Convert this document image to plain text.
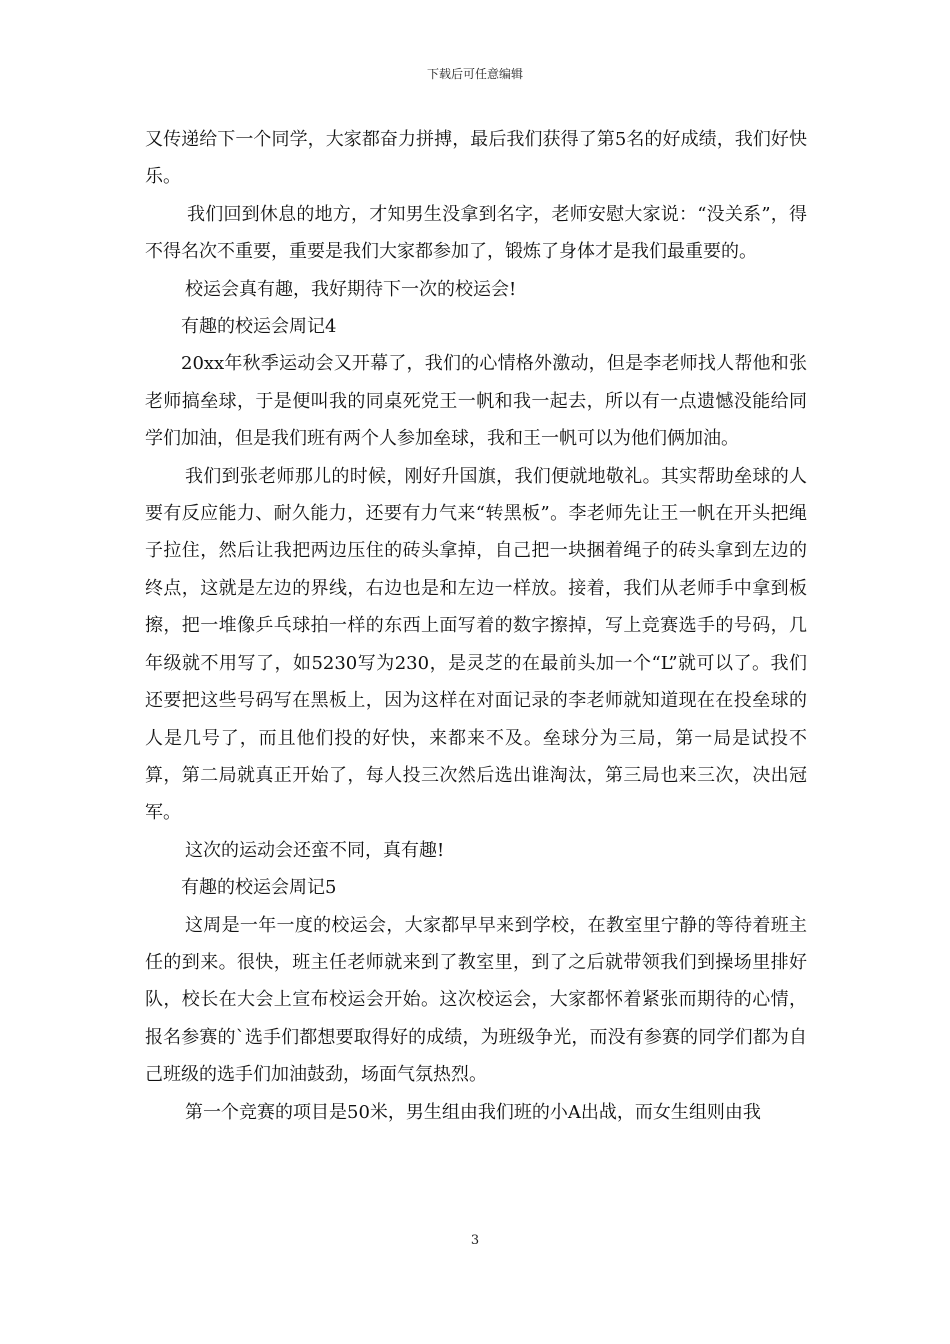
下载后可任意编辑

又传递给下一个同学，大家都奋力拼搏，最后我们获得了第5名的好成绩，我们好快乐。

我们回到休息的地方，才知男生没拿到名字，老师安慰大家说：“没关系”，得不得名次不重要，重要是我们大家都参加了，锻炼了身体才是我们最重要的。

校运会真有趣，我好期待下一次的校运会!

有趣的校运会周记4

20xx年秋季运动会又开幕了，我们的心情格外激动，但是李老师找人帮他和张老师搞垒球，于是便叫我的同桌死党王一帆和我一起去，所以有一点遗憾没能给同学们加油，但是我们班有两个人参加垒球，我和王一帆可以为他们俩加油。

我们到张老师那儿的时候，刚好升国旗，我们便就地敬礼。其实帮助垒球的人要有反应能力、耐久能力，还要有力气来“转黑板”。李老师先让王一帆在开头把绳子拉住，然后让我把两边压住的砖头拿掉，自己把一块捆着绳子的砖头拿到左边的终点，这就是左边的界线，右边也是和左边一样放。接着，我们从老师手中拿到板擦，把一堆像乒乓球拍一样的东西上面写着的数字擦掉，写上竞赛选手的号码，几年级就不用写了，如5230写为230，是灵芝的在最前头加一个“L”就可以了。我们还要把这些号码写在黑板上，因为这样在对面记录的李老师就知道现在在投垒球的人是几号了，而且他们投的好快，来都来不及。垒球分为三局，第一局是试投不算，第二局就真正开始了，每人投三次然后选出谁淘汰，第三局也来三次，决出冠军。

这次的运动会还蛮不同，真有趣!

有趣的校运会周记5

这周是一年一度的校运会，大家都早早来到学校，在教室里宁静的等待着班主任的到来。很快，班主任老师就来到了教室里，到了之后就带领我们到操场里排好队，校长在大会上宣布校运会开始。这次校运会，大家都怀着紧张而期待的心情，报名参赛的`选手们都想要取得好的成绩，为班级争光，而没有参赛的同学们都为自己班级的选手们加油鼓劲，场面气氛热烈。

第一个竞赛的项目是50米，男生组由我们班的小A出战，而女生组则由我

3
